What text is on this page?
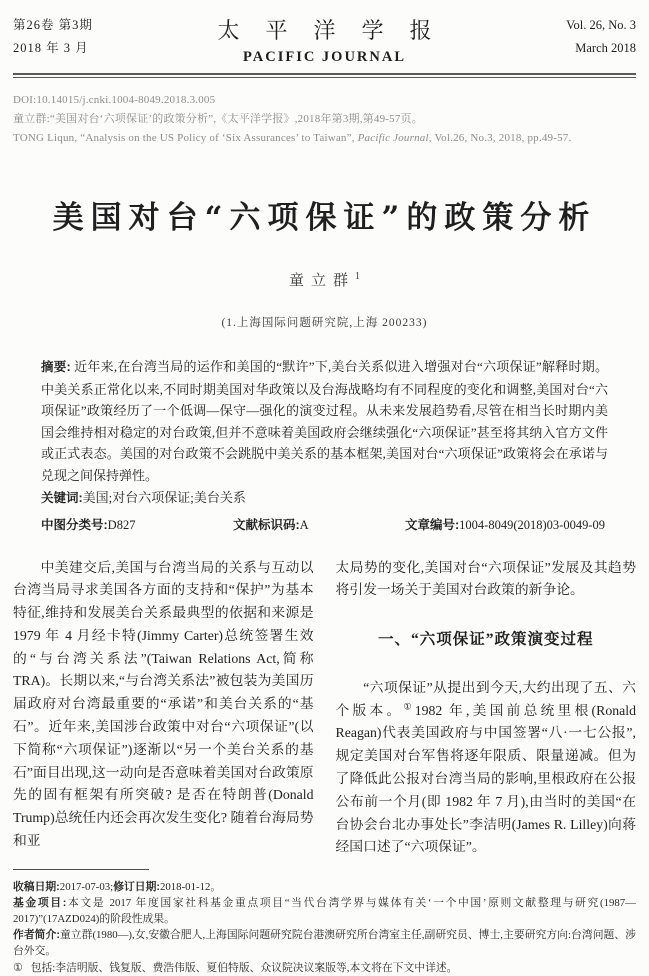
第26卷 第3期
2018 年 3 月
太平洋学报
PACIFIC JOURNAL
Vol. 26, No. 3
March 2018
DOI:10.14015/j.cnki.1004-8049.2018.3.005
童立群:“美国对台‘六项保证’的政策分析”,《太平洋学报》,2018年第3期,第49-57页。
TONG Liqun, “Analysis on the US Policy of ‘Six Assurances’ to Taiwan”, Pacific Journal, Vol.26, No.3, 2018, pp.49-57.
美国对台“六项保证”的政策分析
童立群$^1$
(1.上海国际问题研究院,上海 200233)

摘要: 近年来,在台湾当局的运作和美国的“默许”下,美台关系似进入增强对台“六项保证”解释时期。中美关系正常化以来,不同时期美国对华政策以及台海战略均有不同程度的变化和调整,美国对台“六项保证”政策经历了一个低调—保守—强化的演变过程。从未来发展趋势看,尽管在相当长时期内美国会维持相对稳定的对台政策,但并不意味着美国政府会继续强化“六项保证”甚至将其纳入官方文件或正式表态。美国的对台政策不会跳脱中美关系的基本框架,美国对台“六项保证”政策将会在承诺与兑现之间保持弹性。

关键词:美国;对台六项保证;美台关系

中图分类号:D827	文献标识码:A	文章编号:1004-8049(2018)03-0049-09

中美建交后,美国与台湾当局的关系与互动以台湾当局寻求美国各方面的支持和“保护”为基本特征,维持和发展美台关系最典型的依据和来源是 1979 年 4 月经卡特(Jimmy Carter)总统签署生效的“与台湾关系法”(Taiwan Relations Act,简称 TRA)。长期以来,“与台湾关系法”被包装为美国历届政府对台湾最重要的“承诺”和美台关系的“基石”。近年来,美国涉台政策中对台“六项保证”(以下简称“六项保证”)逐渐以“另一个美台关系的基石”面目出现,这一动向是否意味着美国对台政策原先的固有框架有所突破? 是否在特朗普(Donald Trump)总统任内还会再次发生变化? 随着台海局势和亚

太局势的变化,美国对台“六项保证”发展及其趋势将引发一场关于美国对台政策的新争论。

一、“六项保证”政策演变过程

“六项保证”从提出到今天,大约出现了五、六个版本。①1982 年,美国前总统里根(Ronald Reagan)代表美国政府与中国签署“八·一七公报”,规定美国对台军售将逐年限质、限量递减。但为了降低此公报对台湾当局的影响,里根政府在公报公布前一个月(即 1982 年 7 月),由当时的美国“在台协会台北办事处长”李洁明(James R. Lilley)向蒋经国口述了“六项保证”。

收稿日期:2017-07-03;修订日期:2018-01-12。
基金项目:本文是 2017 年度国家社科基金重点项目“当代台湾学界与媒体有关‘一个中国’原则文献整理与研究(1987—2017)”(17AZD024)的阶段性成果。
作者简介:童立群(1980—),女,安徽合肥人,上海国际问题研究院台港澳研究所台湾室主任,副研究员、博士,主要研究方向:台湾问题、涉台外交。
① 包括:李洁明版、钱复版、费浩伟版、夏伯特版、众议院决议案版等,本文将在下文中详述。
